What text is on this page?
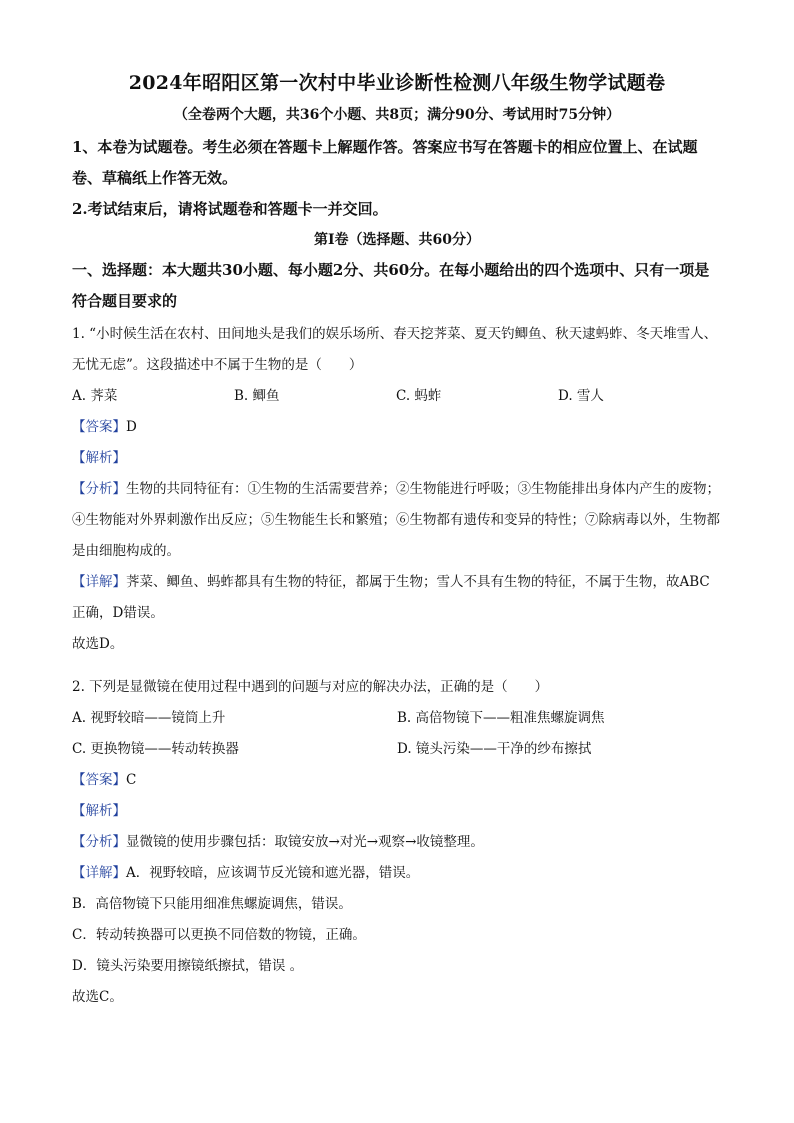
2024年昭阳区第一次村中毕业诊断性检测八年级生物学试题卷
（全卷两个大题，共36个小题、共8页；满分90分、考试用时75分钟）

1、本卷为试题卷。考生必须在答题卡上解题作答。答案应书写在答题卡的相应位置上、在试题卷、草稿纸上作答无效。

2.考试结束后，请将试题卷和答题卡一并交回。

第Ⅰ卷（选择题、共60分）

一、选择题：本大题共30小题、每小题2分、共60分。在每小题给出的四个选项中、只有一项是符合题目要求的

1. “小时候生活在农村、田间地头是我们的娱乐场所、春天挖荠菜、夏天钓鲫鱼、秋天逮蚂蚱、冬天堆雪人、无忧无虑”。这段描述中不属于生物的是（　　）

A. 荠菜	B. 鲫鱼	C. 蚂蚱	D. 雪人
【答案】D
【解析】

【分析】生物的共同特征有：①生物的生活需要营养；②生物能进行呼吸；③生物能排出身体内产生的废物；④生物能对外界刺激作出反应；⑤生物能生长和繁殖；⑥生物都有遗传和变异的特性；⑦除病毒以外，生物都是由细胞构成的。

【详解】荠菜、鲫鱼、蚂蚱都具有生物的特征，都属于生物；雪人不具有生物的特征，不属于生物，故ABC正确，D错误。

故选D。

2. 下列是显微镜在使用过程中遇到的问题与对应的解决办法，正确的是（　　）

A. 视野较暗——镜筒上升	B. 高倍物镜下——粗准焦螺旋调焦
C. 更换物镜——转动转换器	D. 镜头污染——干净的纱布擦拭
【答案】C
【解析】

【分析】显微镜的使用步骤包括：取镜安放→对光→观察→收镜整理。

【详解】A．视野较暗，应该调节反光镜和遮光器，错误。

B．高倍物镜下只能用细准焦螺旋调焦，错误。

C．转动转换器可以更换不同倍数的物镜，正确。

D．镜头污染要用擦镜纸擦拭，错误 。

故选C。
